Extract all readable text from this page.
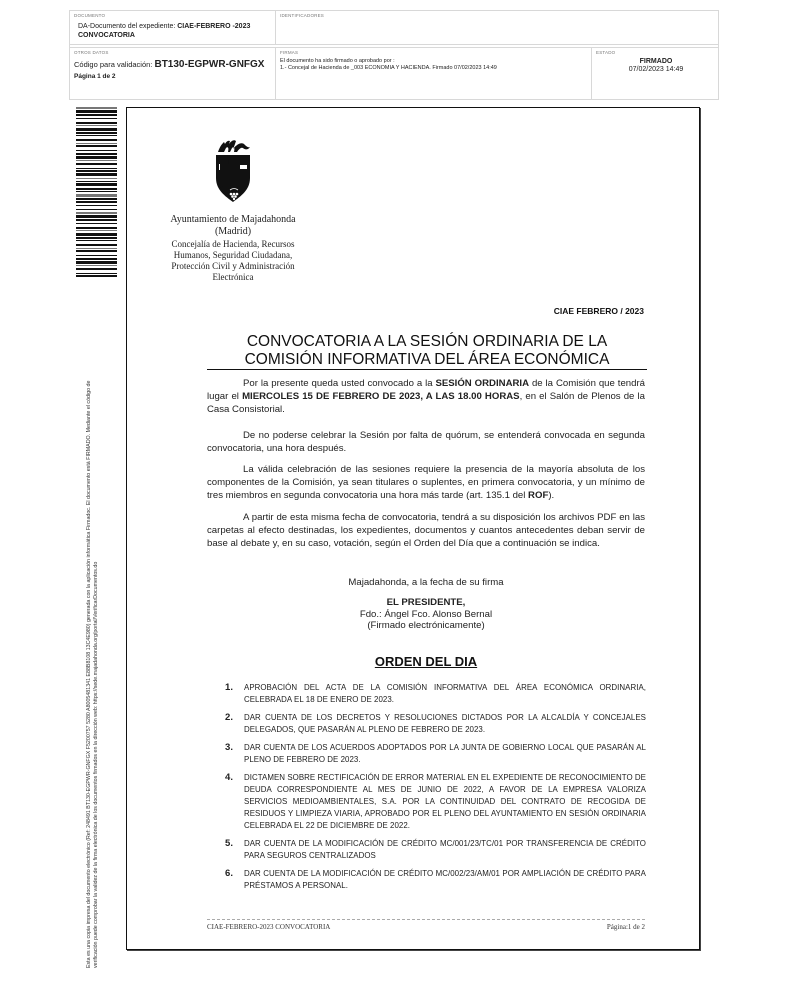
DOCUMENTO
DA-Documento del expediente: CIAE-FEBRERO -2023 CONVOCATORIA
IDENTIFICADORES
OTROS DATOS
Código para validación: BT130-EGPWR-GNFGX
Página 1 de 2
FIRMAS
El documento ha sido firmado o aprobado por :
1.- Concejal de Hacienda de _003 ECONOMIA Y HACIENDA. Firmado 07/02/2023 14:49
ESTADO
FIRMADO
07/02/2023 14:49
Esta es una copia impresa del documento electrónico (Ref: 248491 BT130-EGPWR-GNFGX F5200757 5280 A8005481341 E88B8108 13C4E980) generada con la aplicación informática Firmadoc. El documento está FIRMADO. Mediante el código de verificación puede comprobar la validez de la firma electrónica de los documentos firmados en la dirección web: https://sede.majadahonda.org/portal/VerificarDocumentos.do
Ayuntamiento de Majadahonda
(Madrid)
Concejalía de Hacienda, Recursos Humanos, Seguridad Ciudadana, Protección Civil y Administración Electrónica
CIAE FEBRERO / 2023
CONVOCATORIA A LA SESIÓN ORDINARIA DE LA COMISIÓN INFORMATIVA DEL ÁREA ECONÓMICA
Por la presente queda usted convocado a la SESIÓN ORDINARIA de la Comisión que tendrá lugar el MIERCOLES 15 DE FEBRERO DE 2023, A LAS 18.00 HORAS, en el Salón de Plenos de la Casa Consistorial.
De no poderse celebrar la Sesión por falta de quórum, se entenderá convocada en segunda convocatoria, una hora después.
La válida celebración de las sesiones requiere la presencia de la mayoría absoluta de los componentes de la Comisión, ya sean titulares o suplentes, en primera convocatoria, y un mínimo de tres miembros en segunda convocatoria una hora más tarde (art. 135.1 del ROF).
A partir de esta misma fecha de convocatoria, tendrá a su disposición los archivos PDF en las carpetas al efecto destinadas, los expedientes, documentos y cuantos antecedentes deban servir de base al debate y, en su caso, votación, según el Orden del Día que a continuación se indica.
Majadahonda, a la fecha de su firma
EL PRESIDENTE,
Fdo.: Ángel Fco. Alonso Bernal
(Firmado electrónicamente)
ORDEN DEL DIA
1. APROBACIÓN DEL ACTA DE LA COMISIÓN INFORMATIVA DEL ÁREA ECONÓMICA ORDINARIA, CELEBRADA EL 18 DE ENERO DE 2023.
2. DAR CUENTA DE LOS DECRETOS Y RESOLUCIONES DICTADOS POR LA ALCALDÍA Y CONCEJALES DELEGADOS, QUE PASARÁN AL PLENO DE FEBRERO DE 2023.
3. DAR CUENTA DE LOS ACUERDOS ADOPTADOS POR LA JUNTA DE GOBIERNO LOCAL QUE PASARÁN AL PLENO DE FEBRERO DE 2023.
4. DICTAMEN SOBRE RECTIFICACIÓN DE ERROR MATERIAL EN EL EXPEDIENTE DE RECONOCIMIENTO DE DEUDA CORRESPONDIENTE AL MES DE JUNIO DE 2022, A FAVOR DE LA EMPRESA VALORIZA SERVICIOS MEDIOAMBIENTALES, S.A. POR LA CONTINUIDAD DEL CONTRATO DE RECOGIDA DE RESIDUOS Y LIMPIEZA VIARIA, APROBADO POR EL PLENO DEL AYUNTAMIENTO EN SESIÓN ORDINARIA CELEBRADA EL 22 DE DICIEMBRE DE 2022.
5. DAR CUENTA DE LA MODIFICACIÓN DE CRÉDITO MC/001/23/TC/01 POR TRANSFERENCIA DE CRÉDITO PARA SEGUROS CENTRALIZADOS
6. DAR CUENTA DE LA MODIFICACIÓN DE CRÉDITO MC/002/23/AM/01 POR AMPLIACIÓN DE CRÉDITO PARA PRÉSTAMOS A PERSONAL.
CIAE-FEBRERO-2023 CONVOCATORIA	Página:1 de 2
